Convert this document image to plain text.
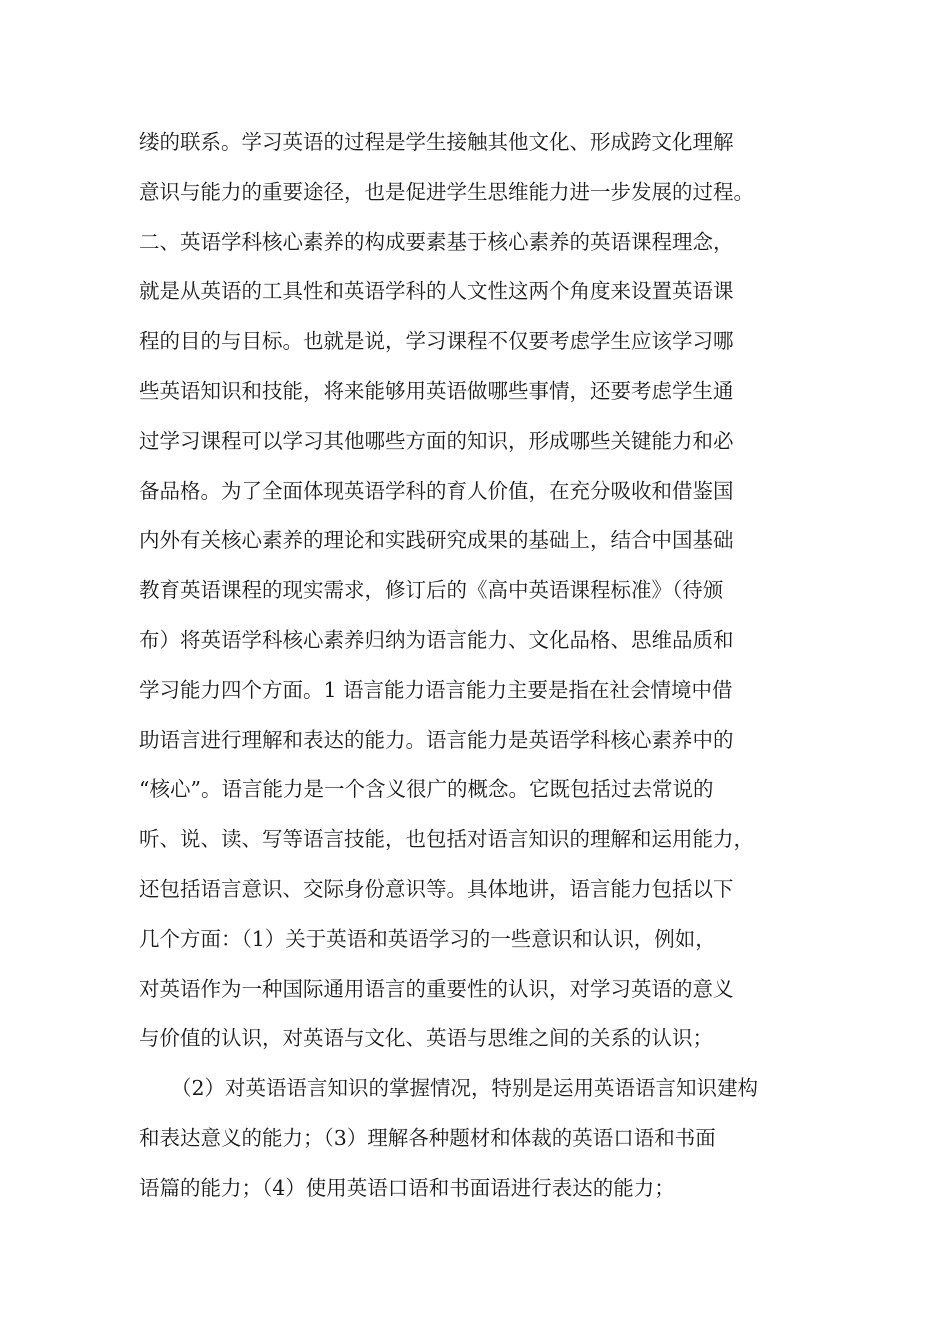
缕的联系。学习英语的过程是学生接触其他文化、形成跨文化理解
意识与能力的重要途径，也是促进学生思维能力进一步发展的过程。
二、英语学科核心素养的构成要素基于核心素养的英语课程理念，
就是从英语的工具性和英语学科的人文性这两个角度来设置英语课
程的目的与目标。也就是说，学习课程不仅要考虑学生应该学习哪
些英语知识和技能，将来能够用英语做哪些事情，还要考虑学生通
过学习课程可以学习其他哪些方面的知识，形成哪些关键能力和必
备品格。为了全面体现英语学科的育人价值，在充分吸收和借鉴国
内外有关核心素养的理论和实践研究成果的基础上，结合中国基础
教育英语课程的现实需求，修订后的《高中英语课程标准》（待颁
布）将英语学科核心素养归纳为语言能力、文化品格、思维品质和
学习能力四个方面。1 语言能力语言能力主要是指在社会情境中借
助语言进行理解和表达的能力。语言能力是英语学科核心素养中的
“核心”。语言能力是一个含义很广的概念。它既包括过去常说的
听、说、读、写等语言技能，也包括对语言知识的理解和运用能力，
还包括语言意识、交际身份意识等。具体地讲，语言能力包括以下
几个方面：（1）关于英语和英语学习的一些意识和认识，例如，
对英语作为一种国际通用语言的重要性的认识，对学习英语的意义
与价值的认识，对英语与文化、英语与思维之间的关系的认识；
（2）对英语语言知识的掌握情况，特别是运用英语语言知识建构
和表达意义的能力；（3）理解各种题材和体裁的英语口语和书面
语篇的能力；（4）使用英语口语和书面语进行表达的能力；
